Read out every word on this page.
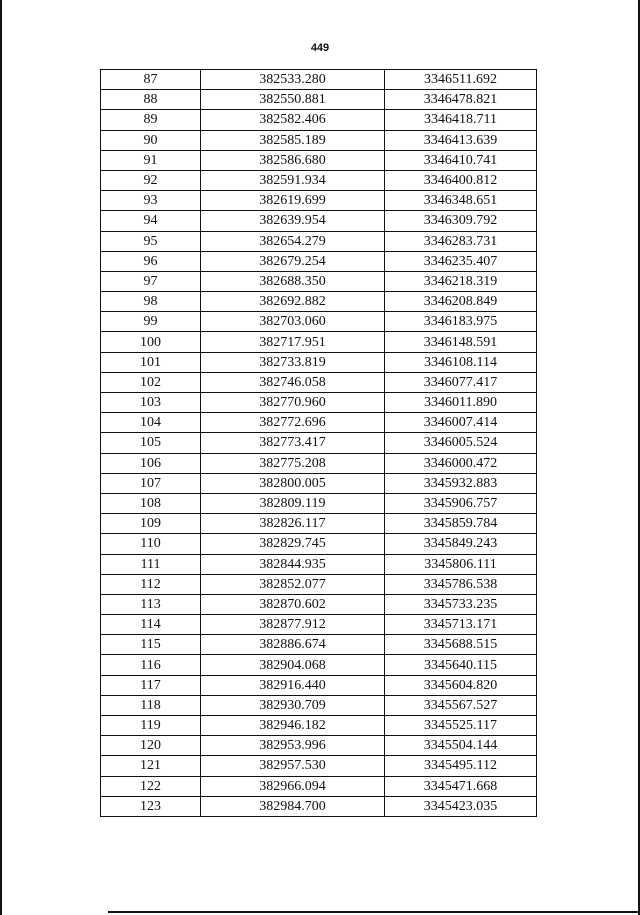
449
87	382533.280	3346511.692
88	382550.881	3346478.821
89	382582.406	3346418.711
90	382585.189	3346413.639
91	382586.680	3346410.741
92	382591.934	3346400.812
93	382619.699	3346348.651
94	382639.954	3346309.792
95	382654.279	3346283.731
96	382679.254	3346235.407
97	382688.350	3346218.319
98	382692.882	3346208.849
99	382703.060	3346183.975
100	382717.951	3346148.591
101	382733.819	3346108.114
102	382746.058	3346077.417
103	382770.960	3346011.890
104	382772.696	3346007.414
105	382773.417	3346005.524
106	382775.208	3346000.472
107	382800.005	3345932.883
108	382809.119	3345906.757
109	382826.117	3345859.784
110	382829.745	3345849.243
111	382844.935	3345806.111
112	382852.077	3345786.538
113	382870.602	3345733.235
114	382877.912	3345713.171
115	382886.674	3345688.515
116	382904.068	3345640.115
117	382916.440	3345604.820
118	382930.709	3345567.527
119	382946.182	3345525.117
120	382953.996	3345504.144
121	382957.530	3345495.112
122	382966.094	3345471.668
123	382984.700	3345423.035
